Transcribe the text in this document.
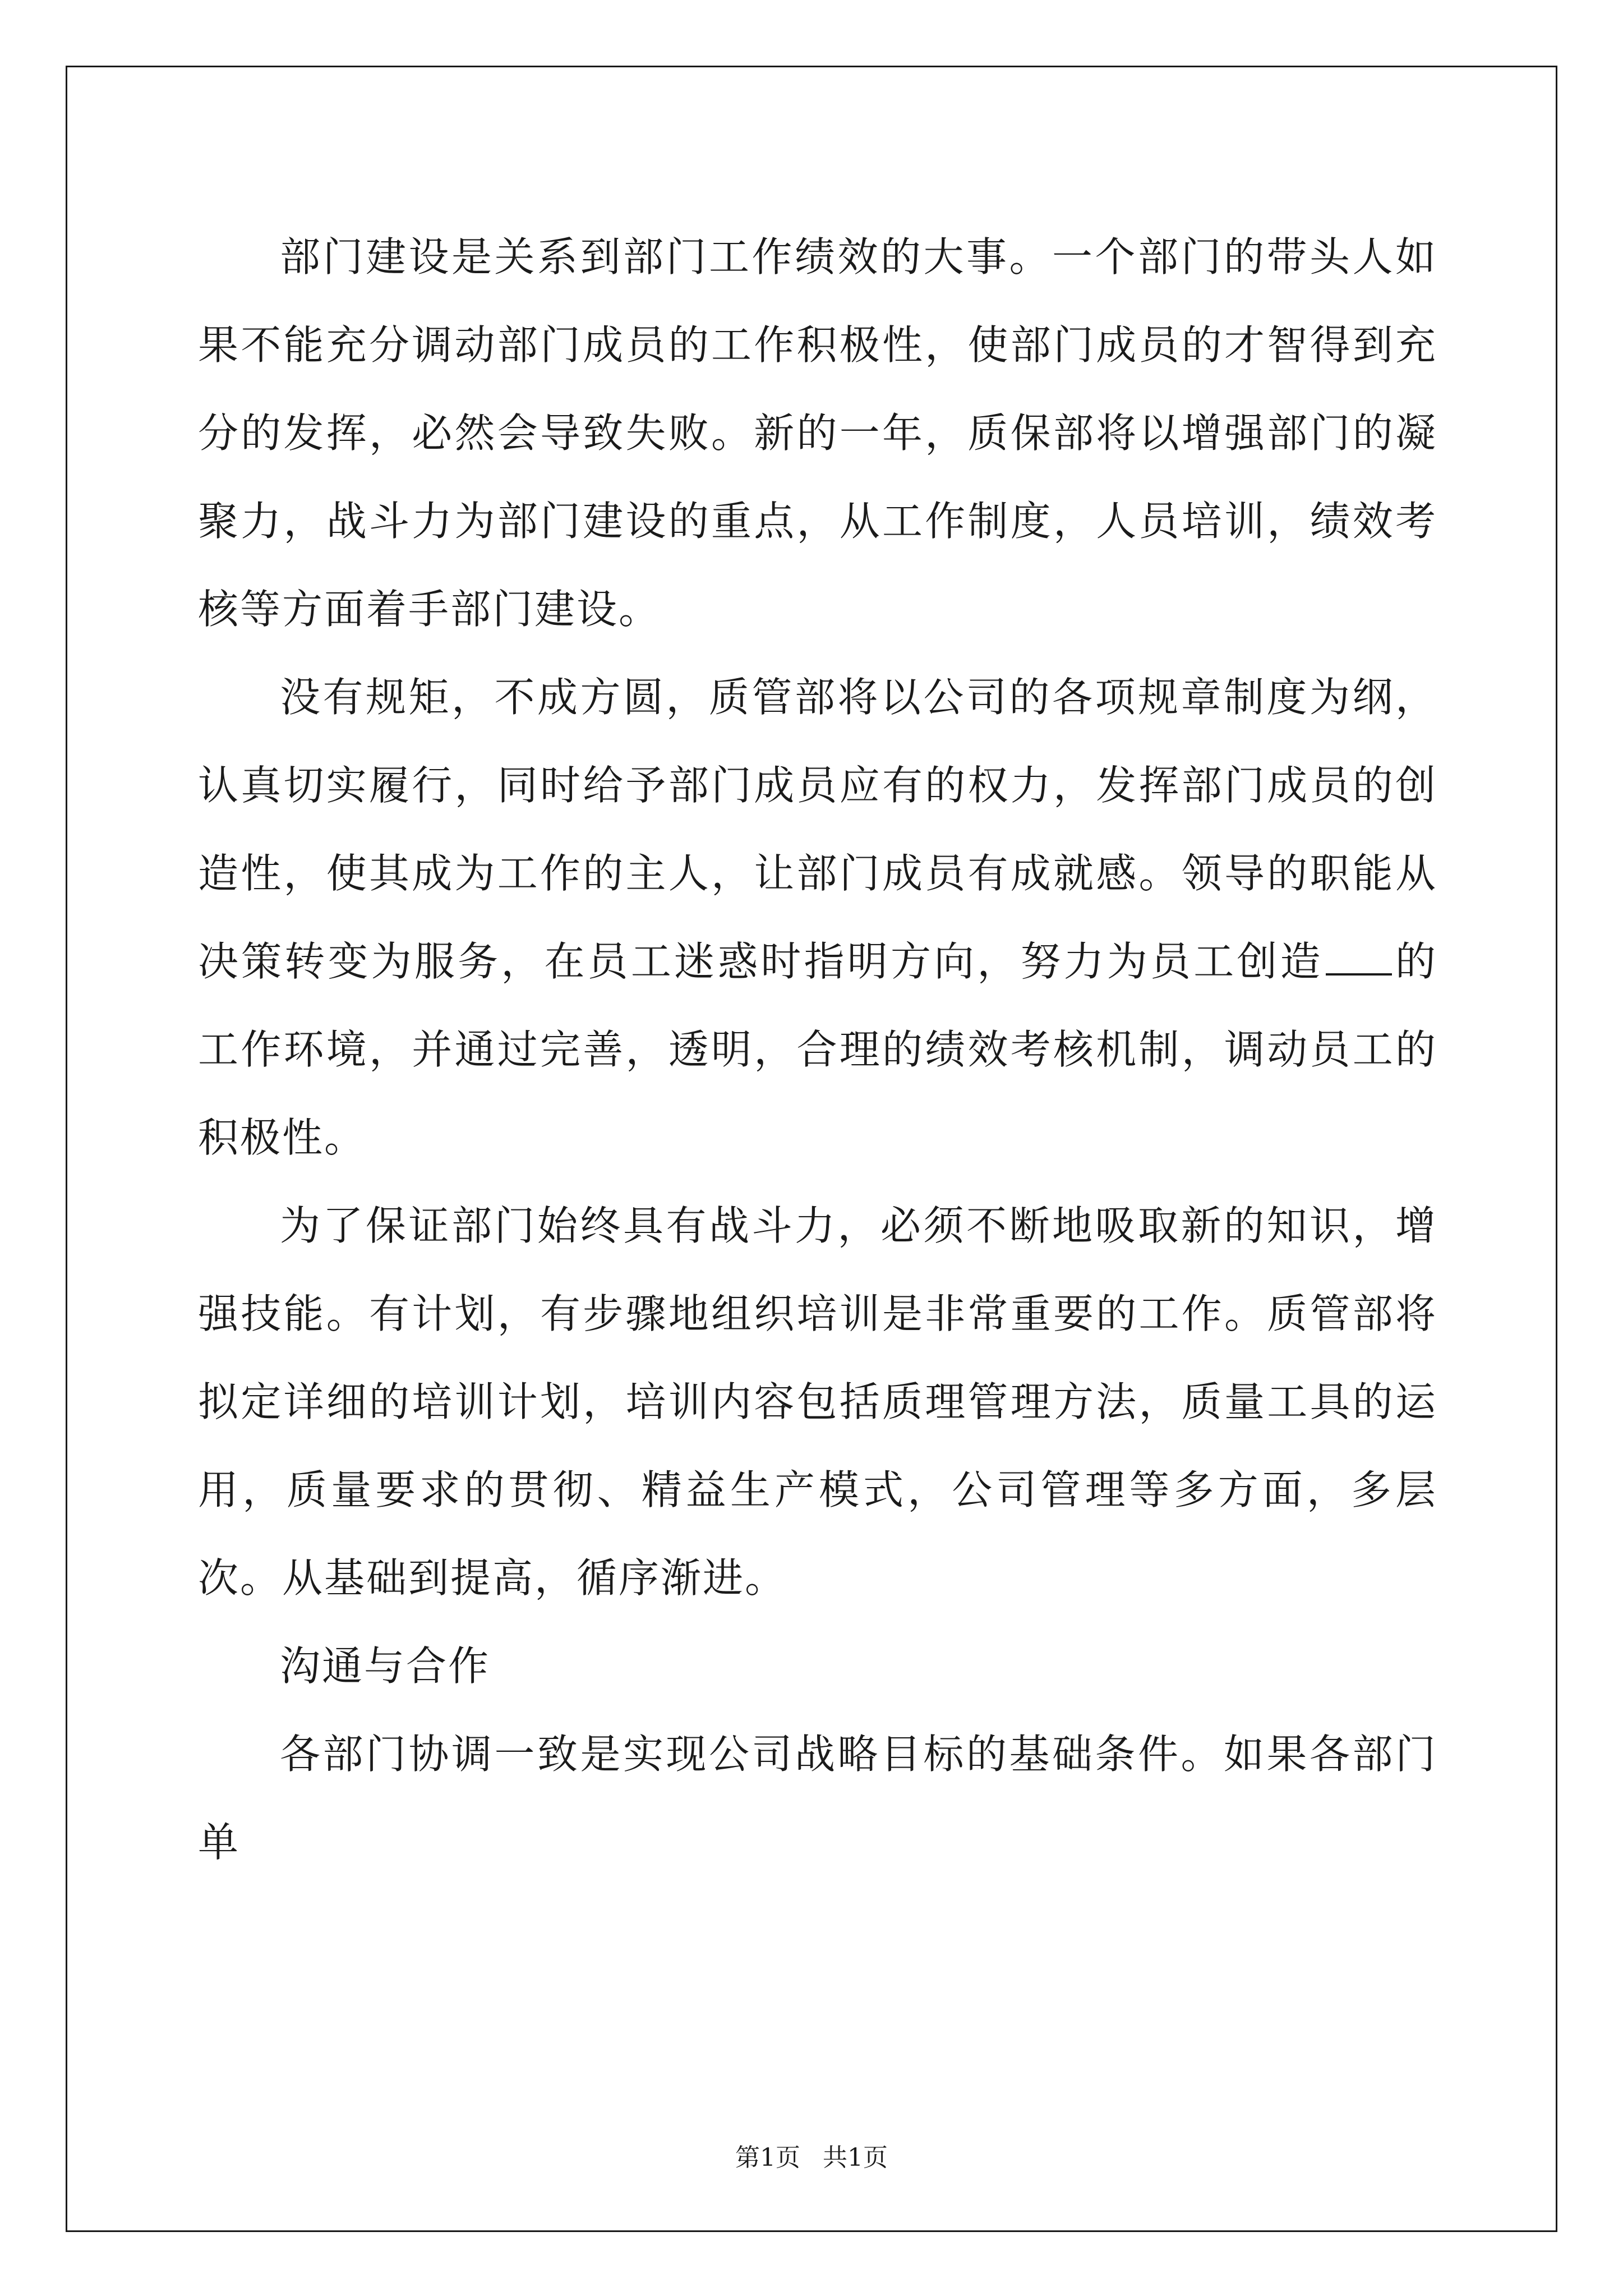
部门建设是关系到部门工作绩效的大事。一个部门的带头人如果不能充分调动部门成员的工作积极性，使部门成员的才智得到充分的发挥，必然会导致失败。新的一年，质保部将以增强部门的凝聚力，战斗力为部门建设的重点，从工作制度，人员培训，绩效考核等方面着手部门建设。

没有规矩，不成方圆，质管部将以公司的各项规章制度为纲，认真切实履行，同时给予部门成员应有的权力，发挥部门成员的创造性，使其成为工作的主人，让部门成员有成就感。领导的职能从决策转变为服务，在员工迷惑时指明方向，努力为员工创造 的工作环境，并通过完善，透明，合理的绩效考核机制，调动员工的积极性。

为了保证部门始终具有战斗力，必须不断地吸取新的知识，增强技能。有计划，有步骤地组织培训是非常重要的工作。质管部将拟定详细的培训计划，培训内容包括质理管理方法，质量工具的运用，质量要求的贯彻、精益生产模式，公司管理等多方面，多层次。从基础到提高，循序渐进。

沟通与合作

各部门协调一致是实现公司战略目标的基础条件。如果各部门单

第1页 共1页
